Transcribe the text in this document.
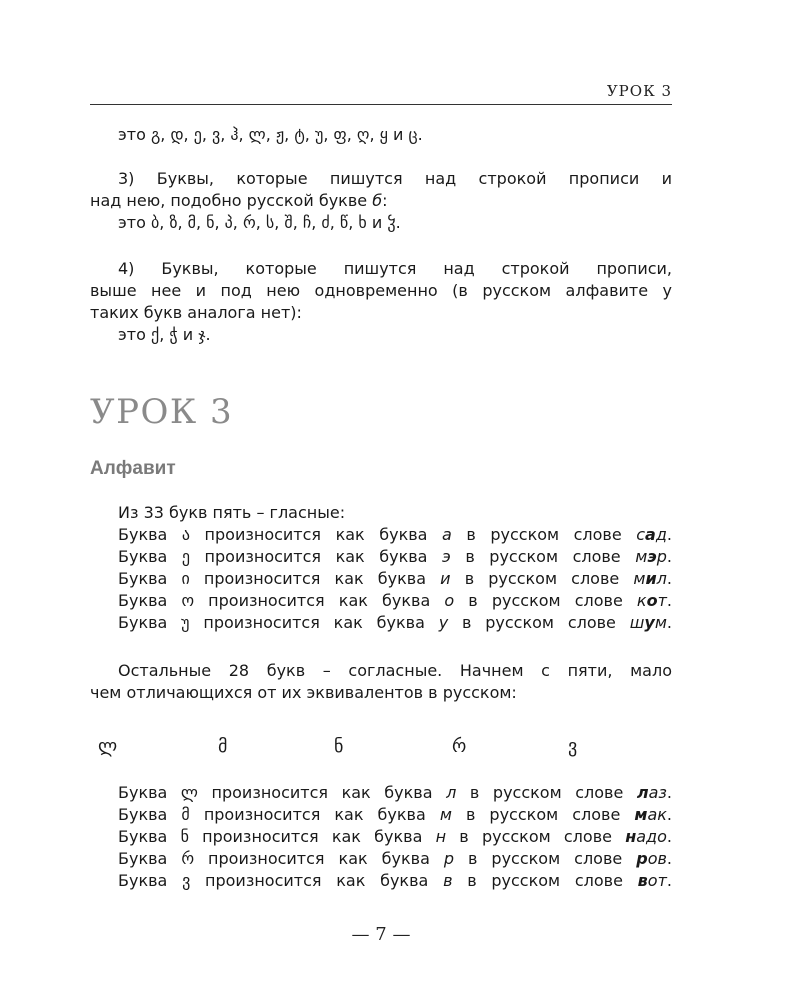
УРОК 3
это გ, დ, ე, ვ, ჰ, ლ, ჟ, ტ, უ, ფ, ღ, ყ и ც.
3) Буквы, которые пишутся над строкой прописи и
над нею, подобно русской букве б:
это ბ, ზ, მ, ნ, პ, რ, ს, შ, ჩ, ძ, წ, ხ и ჴ.
4) Буквы, которые пишутся над строкой прописи,
выше нее и под нею одновременно (в русском алфавите у
таких букв аналога нет):
это ქ, ჭ и ჯ.
УРОК 3
Алфавит
Из 33 букв пять – гласные:
Буква ა произносится как буква а в русском слове сад.
Буква ე произносится как буква э в русском слове мэр.
Буква ი произносится как буква и в русском слове мил.
Буква ო произносится как буква о в русском слове кот.
Буква უ произносится как буква у в русском слове шум.
Остальные 28 букв – согласные. Начнем с пяти, мало
чем отличающихся от их эквивалентов в русском:
ლ	მ	ნ	რ	ვ
Буква ლ произносится как буква л в русском слове лаз.
Буква მ произносится как буква м в русском слове мак.
Буква ნ произносится как буква н в русском слове надо.
Буква რ произносится как буква р в русском слове ров.
Буква ვ произносится как буква в в русском слове вот.
— 7 —
